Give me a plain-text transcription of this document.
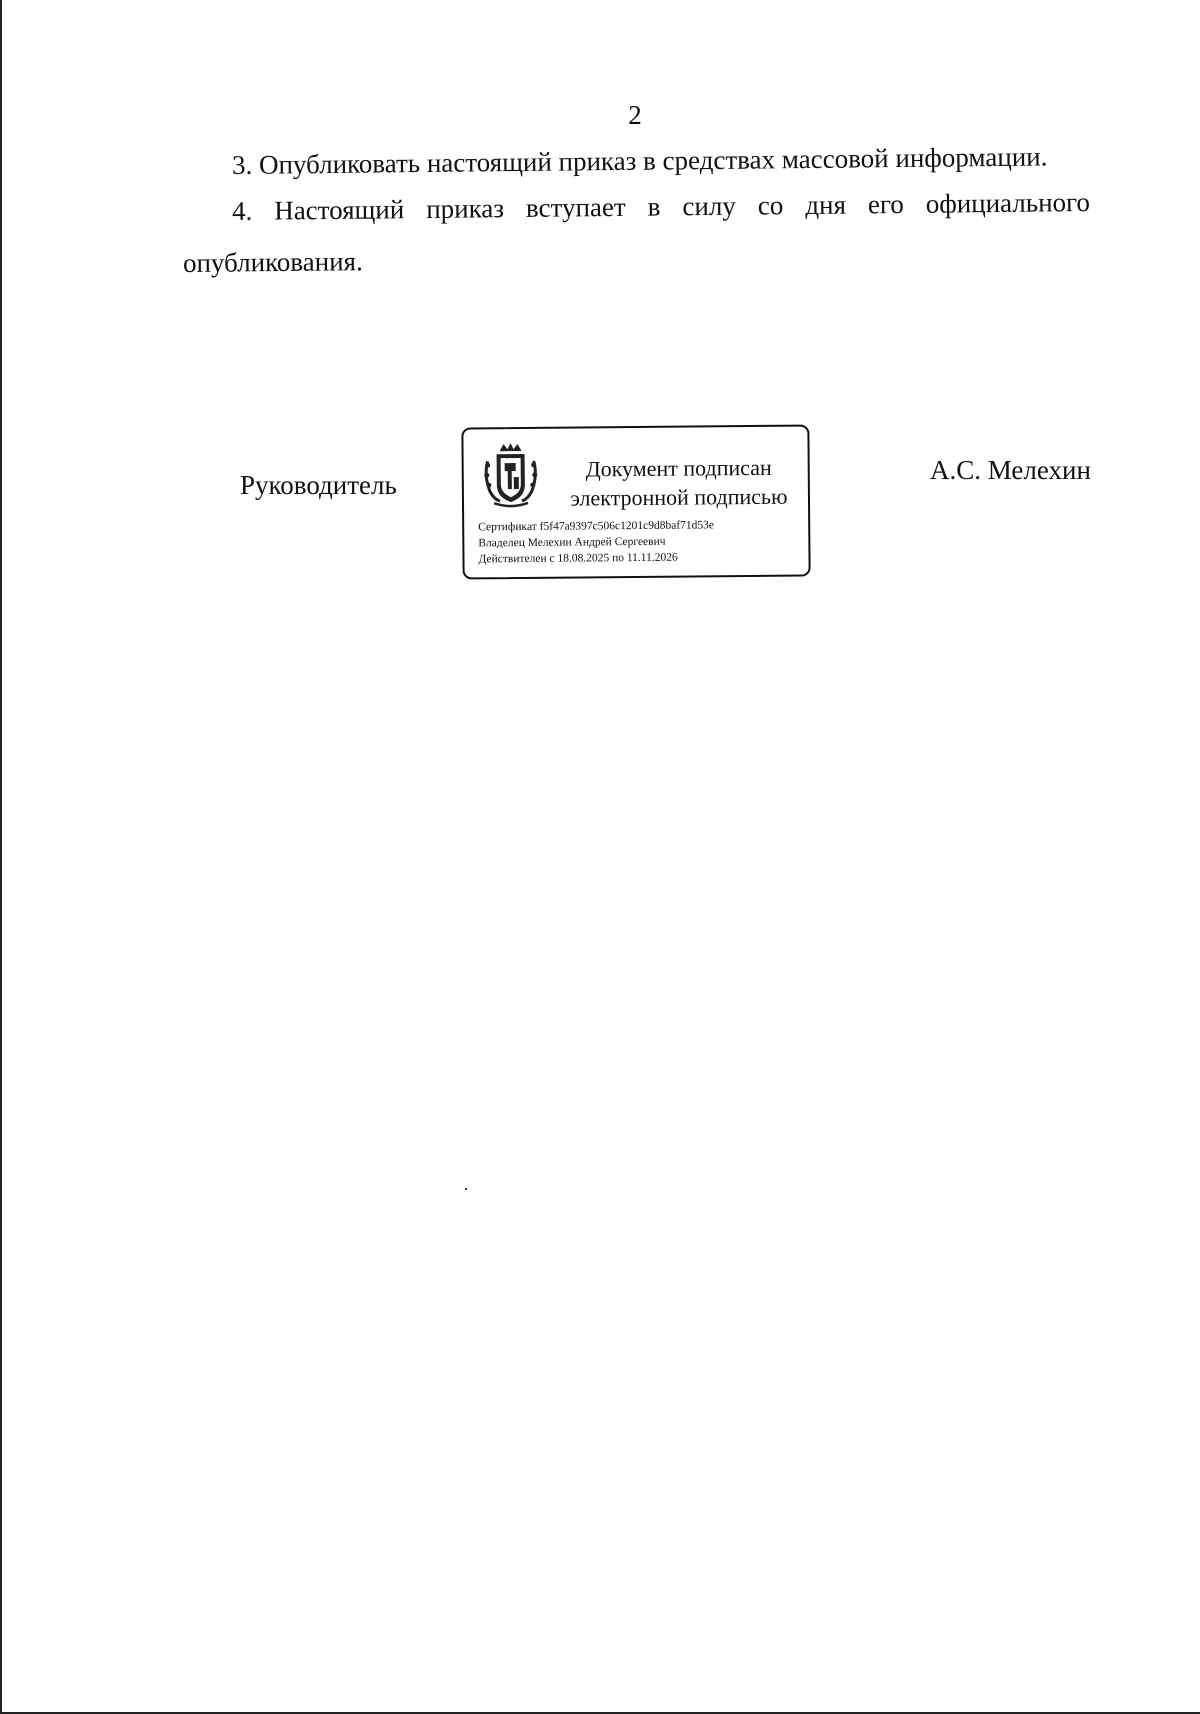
2
3. Опубликовать настоящий приказ в средствах массовой информации.
4. Настоящий приказ вступает в силу со дня его официального
опубликования.
Руководитель
Документ подписан
электронной подписью
Сертификат f5f47a9397c506c1201c9d8baf71d53e
Владелец Мелехин Андрей Сергеевич
Действителен с 18.08.2025 по 11.11.2026
А.С. Мелехин
